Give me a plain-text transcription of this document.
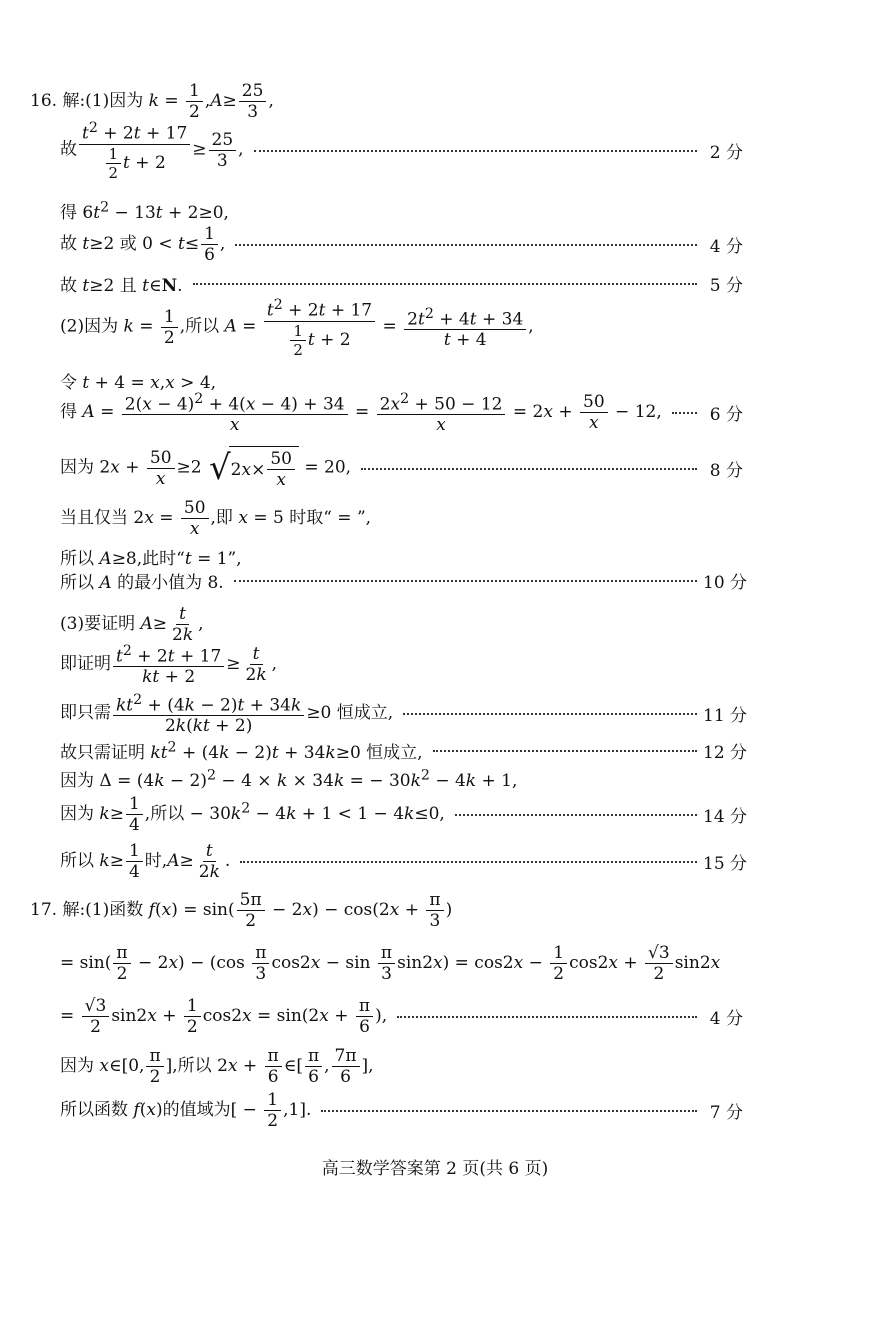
16. 解:(1)因为 $k = \frac{1}{2} ,A\ge \frac{25}{3}$ ,
故 $\frac{t^2 + 2t + 17}{\frac{1}{2} t + 2} \ge \frac{25}{3}$ ,	2 分
得 $6t^2 - 13t + 2\ge 0$,
故 t≥2 或 $0 < t\le \frac{1}{6}$ ,	4 分
故 t≥2 且 t∈N.	5 分
(2)因为 $k = \frac{1}{2}$ ,所以 $A = \frac{t^2 + 2t + 17}{\frac{1}{2} t + 2} = \frac{2t^2 + 4t + 34}{t + 4}$ ,
令 t + 4 = x,x > 4,
得 $A = \frac{2(x - 4)^2 + 4(x - 4) + 34}{x} = \frac{2x^2 + 50 - 12}{x} = 2x + \frac{50}{x} - 12$,	6 分
因为 $2x + \frac{50}{x} \ge 2$ √ 2 $x \times \frac{50}{x} = 20$,	8 分
当且仅当 $2x = \frac{50}{x}$ ,即 x = 5 时取“ = ”,
所以 A≥8,此时“t = 1”,
所以 A 的最小值为 8.	10 分
(3)要证明 $A\ge \frac{t}{2k}$ ,
即证明 $\frac{t^2 + 2t + 17}{kt + 2} \ge \frac{t}{2k}$ ,
即只需 $\frac{kt^2 + (4k - 2)t + 34k}{2k(kt + 2)} \ge 0$ 恒成立,	11 分
故只需证明 $kt^2 + (4k - 2)t + 34k\ge 0$ 恒成立,	12 分
因为 $\Delta = (4k - 2)^2 - 4 \times k \times 34k$ = − $30k^2 - 4k + 1$,
因为 $k\ge \frac{1}{4}$ ,所以 − $30k^2 - 4k + 1 < 1 - 4k\le 0$,	14 分
所以 $k\ge \frac{1}{4}$ 时$,A\ge \frac{t}{2k}$ .	15 分
17. 解:(1)函数 $f(x) = \sin( \frac{5\pi}{2} - 2x) - \cos(2x + \frac{\pi}{3}$ )
= $\sin( \frac{\pi}{2} - 2x) - (\cos \frac{\pi}{3} \cos 2x - \sin \frac{\pi}{3} \sin 2x) = \cos 2x - \frac{1}{2} \cos 2x + \frac{√3}{2} \sin 2x$
= $\frac{√3}{2} \sin 2x + \frac{1}{2} \cos 2x = \sin(2x + \frac{\pi}{6}$ ),	4 分
因为 x∈[0, $\frac{\pi}{2}$ ],所以 $2x + \frac{\pi}{6}$ ∈[ $\frac{\pi}{6}$ , $\frac{7\pi}{6}$ ],
所以函数 f(x)的值域为[ − $\frac{1}{2} ,1$].	7 分
高三数学答案第 2 页(共 6 页)
